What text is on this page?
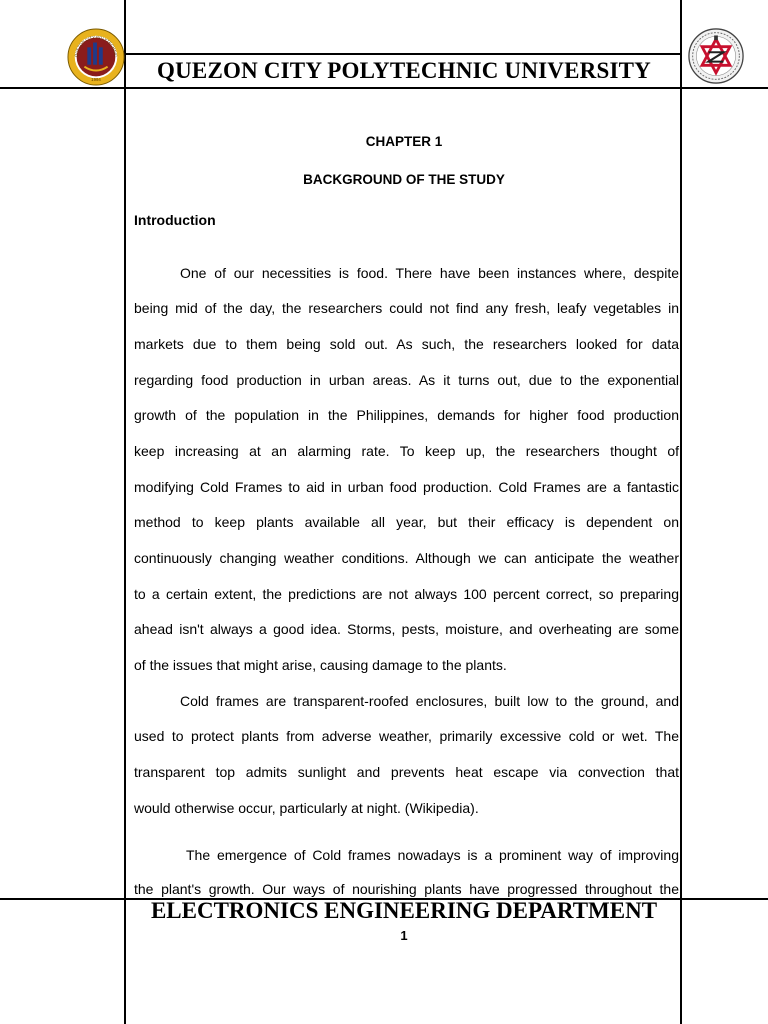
QUEZON CITY POLYTECHNIC
1994	QUEZON CITY POLYTECHNIC UNIVERSITY
CHAPTER 1
BACKGROUND OF THE STUDY
Introduction
One of our necessities is food. There have been instances where, despite
being mid of the day, the researchers could not find any fresh, leafy vegetables in
markets due to them being sold out. As such, the researchers looked for data
regarding food production in urban areas. As it turns out, due to the exponential
growth of the population in the Philippines, demands for higher food production
keep increasing at an alarming rate. To keep up, the researchers thought of
modifying Cold Frames to aid in urban food production. Cold Frames are a fantastic
method to keep plants available all year, but their efficacy is dependent on
continuously changing weather conditions. Although we can anticipate the weather
to a certain extent, the predictions are not always 100 percent correct, so preparing
ahead isn't always a good idea. Storms, pests, moisture, and overheating are some
of the issues that might arise, causing damage to the plants.
Cold frames are transparent-roofed enclosures, built low to the ground, and
used to protect plants from adverse weather, primarily excessive cold or wet. The
transparent top admits sunlight and prevents heat escape via convection that
would otherwise occur, particularly at night. (Wikipedia).
The emergence of Cold frames nowadays is a prominent way of improving
the plant's growth. Our ways of nourishing plants have progressed throughout the
ELECTRONICS ENGINEERING DEPARTMENT
1
